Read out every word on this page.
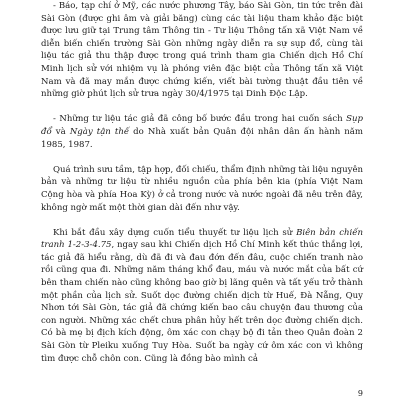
- Báo, tạp chí ở Mỹ, các nước phương Tây, báo Sài Gòn, tin tức trên đài Sài Gòn (được ghi âm và giải băng) cùng các tài liệu tham khảo đặc biệt được lưu giữ tại Trung tâm Thông tin - Tư liệu Thông tấn xã Việt Nam về diễn biến chiến trường Sài Gòn những ngày diễn ra sự sụp đổ, cùng tài liệu tác giả thu thập được trong quá trình tham gia Chiến dịch Hồ Chí Minh lịch sử với nhiệm vụ là phóng viên đặc biệt của Thông tấn xã Việt Nam và đã may mắn được chứng kiến, viết bài tường thuật đầu tiên về những giờ phút lịch sử trưa ngày 30/4/1975 tại Dinh Độc Lập.

- Những tư liệu tác giả đã công bố bước đầu trong hai cuốn sách Sụp đổ và Ngày tận thế do Nhà xuất bản Quân đội nhân dân ấn hành năm 1985, 1987.

Quá trình sưu tầm, tập hợp, đối chiếu, thẩm định những tài liệu nguyên bản và những tư liệu từ nhiều nguồn của phía bên kia (phía Việt Nam Cộng hòa và phía Hoa Kỳ) ở cả trong nước và nước ngoài đã nêu trên đây, không ngờ mất một thời gian dài đến như vậy.

Khi bắt đầu xây dựng cuốn tiểu thuyết tư liệu lịch sử Biên bản chiến tranh 1-2-3-4.75, ngay sau khi Chiến dịch Hồ Chí Minh kết thúc thắng lợi, tác giả đã hiểu rằng, dù đã đi và đau đớn đến đâu, cuộc chiến tranh nào rồi cũng qua đi. Những năm tháng khổ đau, máu và nước mắt của bất cứ bên tham chiến nào cũng không bao giờ bị lãng quên và tất yếu trở thành một phần của lịch sử. Suốt dọc đường chiến dịch từ Huế, Đà Nẵng, Quy Nhơn tới Sài Gòn, tác giả đã chứng kiến bao câu chuyện đau thương của con người. Những xác chết chưa phân hủy hết trên dọc đường chiến dịch. Có bà mẹ bị địch kích động, ôm xác con chạy bộ đi tản theo Quân đoàn 2 Sài Gòn từ Pleiku xuống Tuy Hòa. Suốt ba ngày cứ ôm xác con vì không tìm được chỗ chôn con. Cũng là đồng bào mình cả

9
